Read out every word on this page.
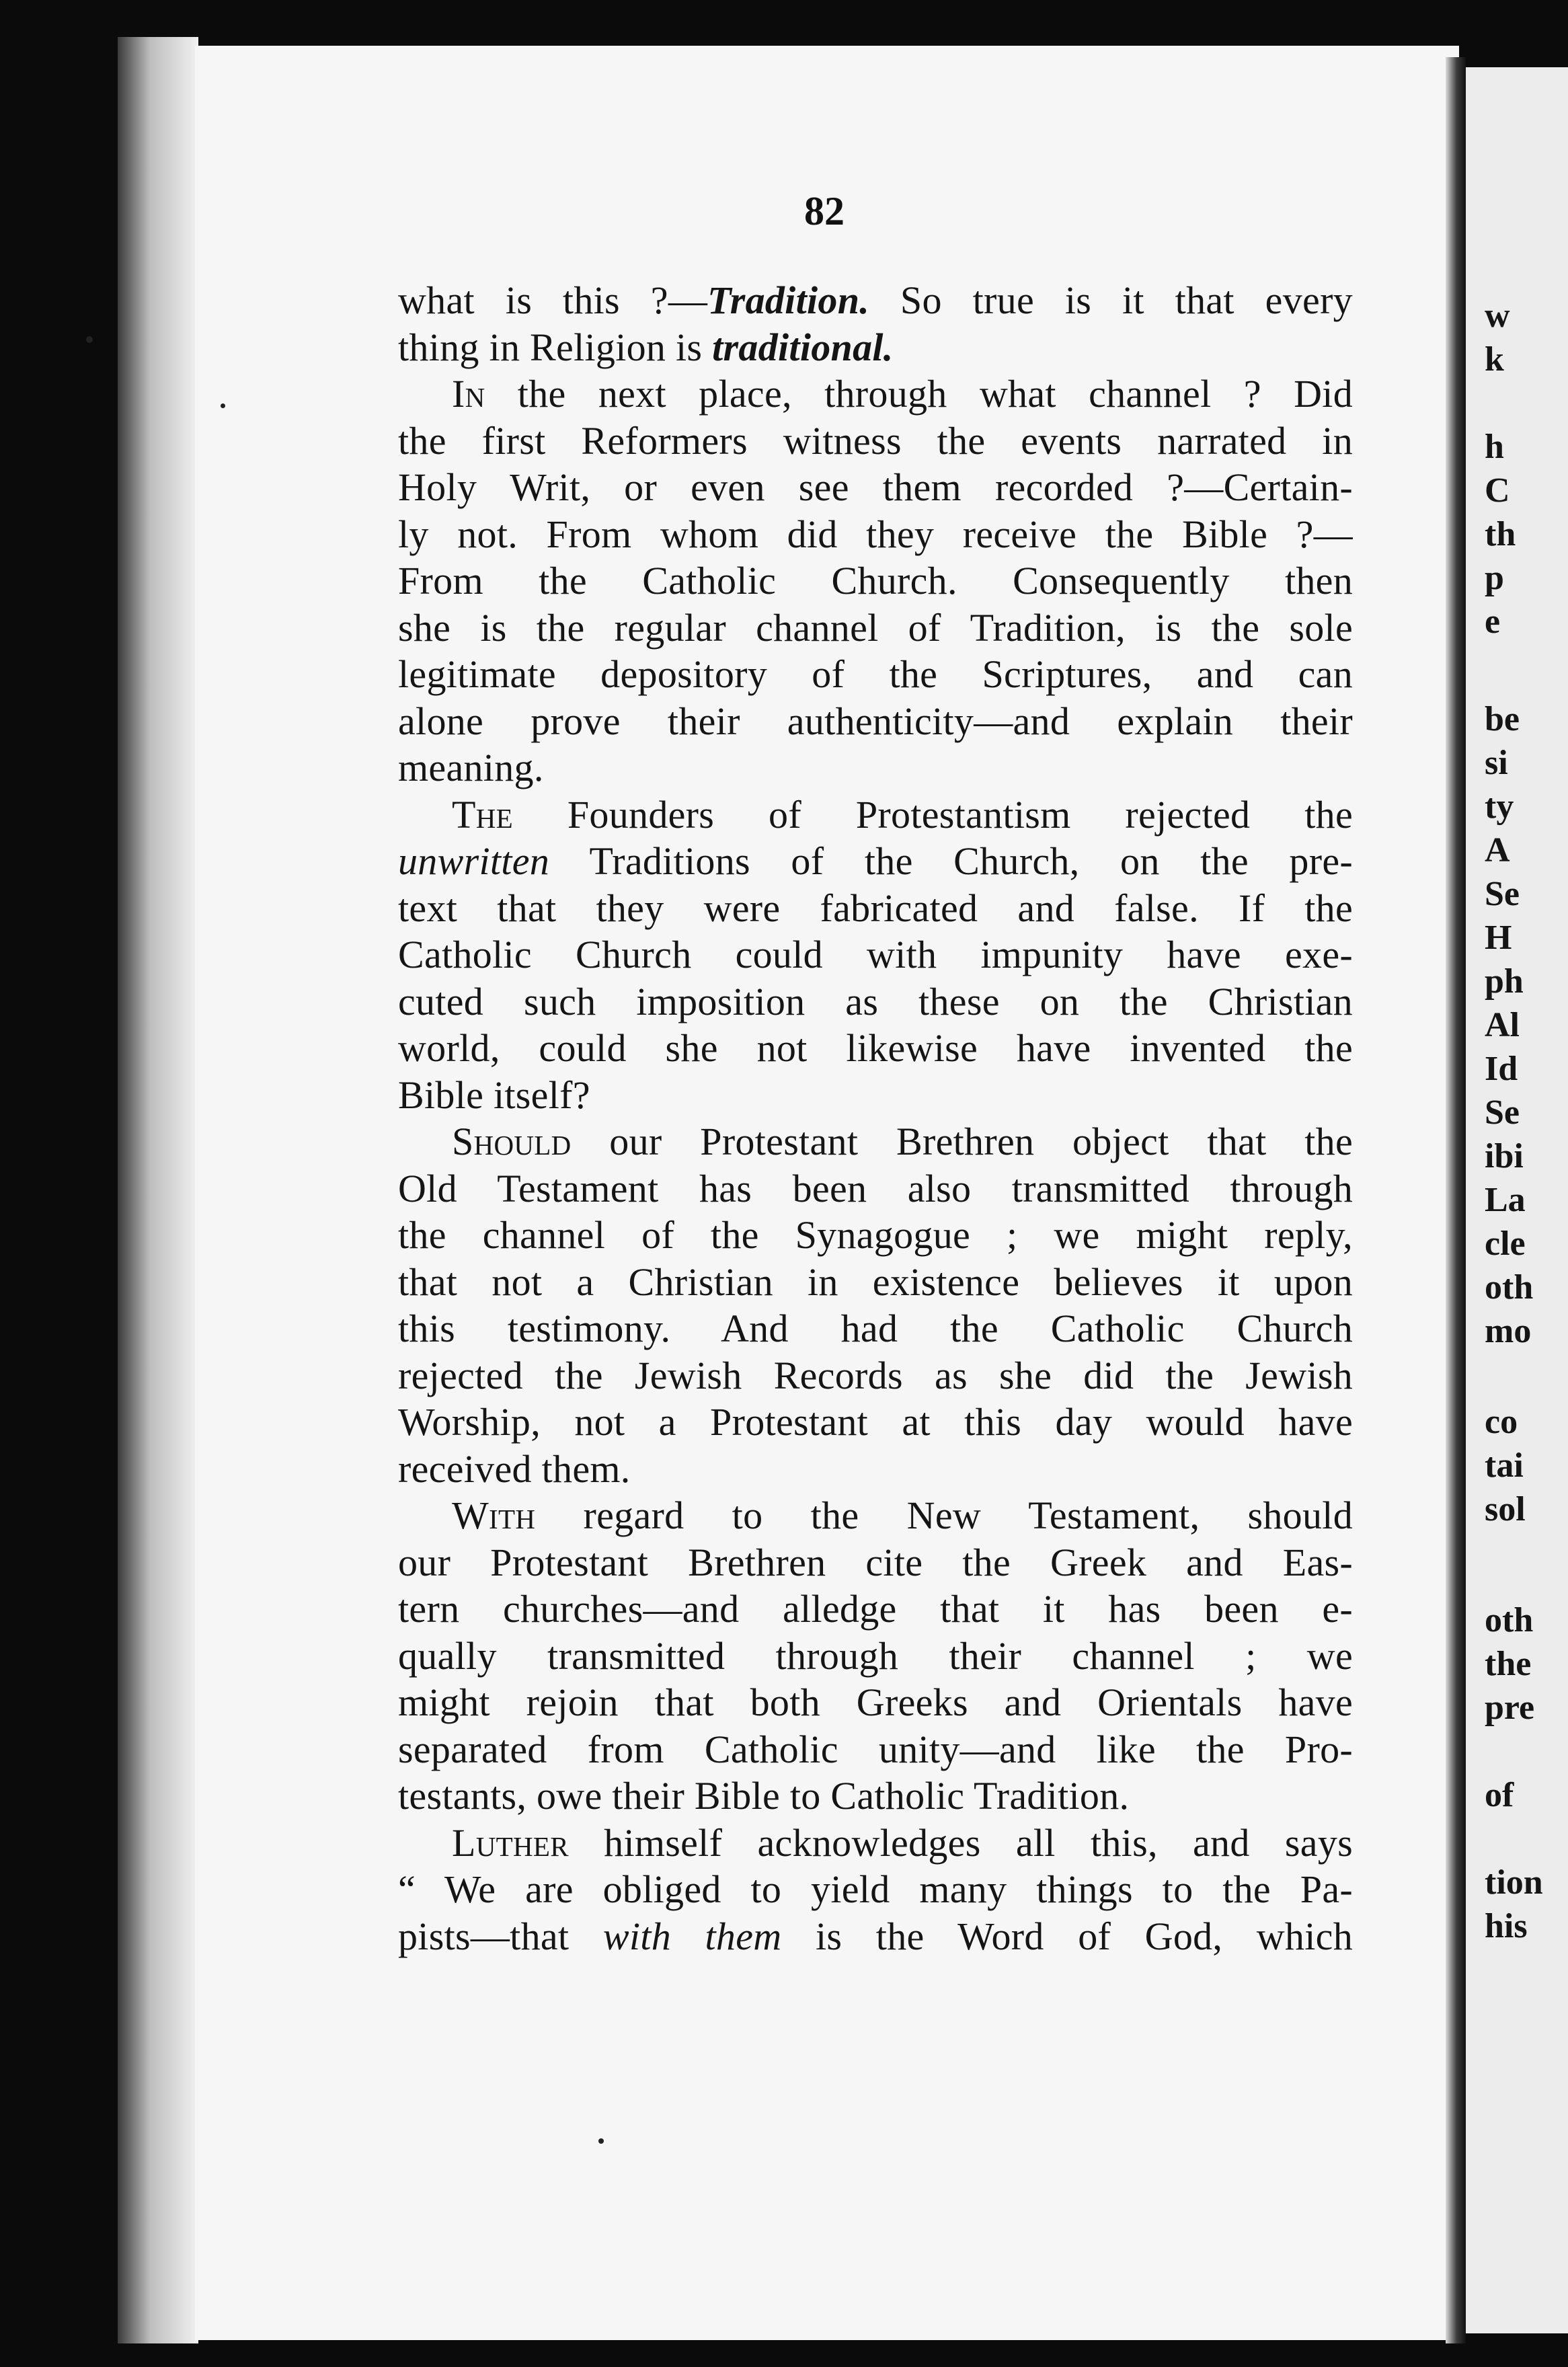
w
k
h
C
th
p
e
be
si
ty
A
Se
H
ph
Al
Id
Se
ibi
La
cle
oth
mo
co
tai
sol
oth
the
pre
of
tion
his
82
what is this ?—Tradition. So true is it that every
thing in Religion is traditional.
In the next place, through what channel ? Did
the first Reformers witness the events narrated in
Holy Writ, or even see them recorded ?—Certain-
ly not. From whom did they receive the Bible ?—
From the Catholic Church. Consequently then
she is the regular channel of Tradition, is the sole
legitimate depository of the Scriptures, and can
alone prove their authenticity—and explain their
meaning.
The Founders of Protestantism rejected the
unwritten Traditions of the Church, on the pre-
text that they were fabricated and false. If the
Catholic Church could with impunity have exe-
cuted such imposition as these on the Christian
world, could she not likewise have invented the
Bible itself?
Should our Protestant Brethren object that the
Old Testament has been also transmitted through
the channel of the Synagogue ; we might reply,
that not a Christian in existence believes it upon
this testimony. And had the Catholic Church
rejected the Jewish Records as she did the Jewish
Worship, not a Protestant at this day would have
received them.
With regard to the New Testament, should
our Protestant Brethren cite the Greek and Eas-
tern churches—and alledge that it has been e-
qually transmitted through their channel ; we
might rejoin that both Greeks and Orientals have
separated from Catholic unity—and like the Pro-
testants, owe their Bible to Catholic Tradition.
Luther himself acknowledges all this, and says
“ We are obliged to yield many things to the Pa-
pists—that with them is the Word of God, which
